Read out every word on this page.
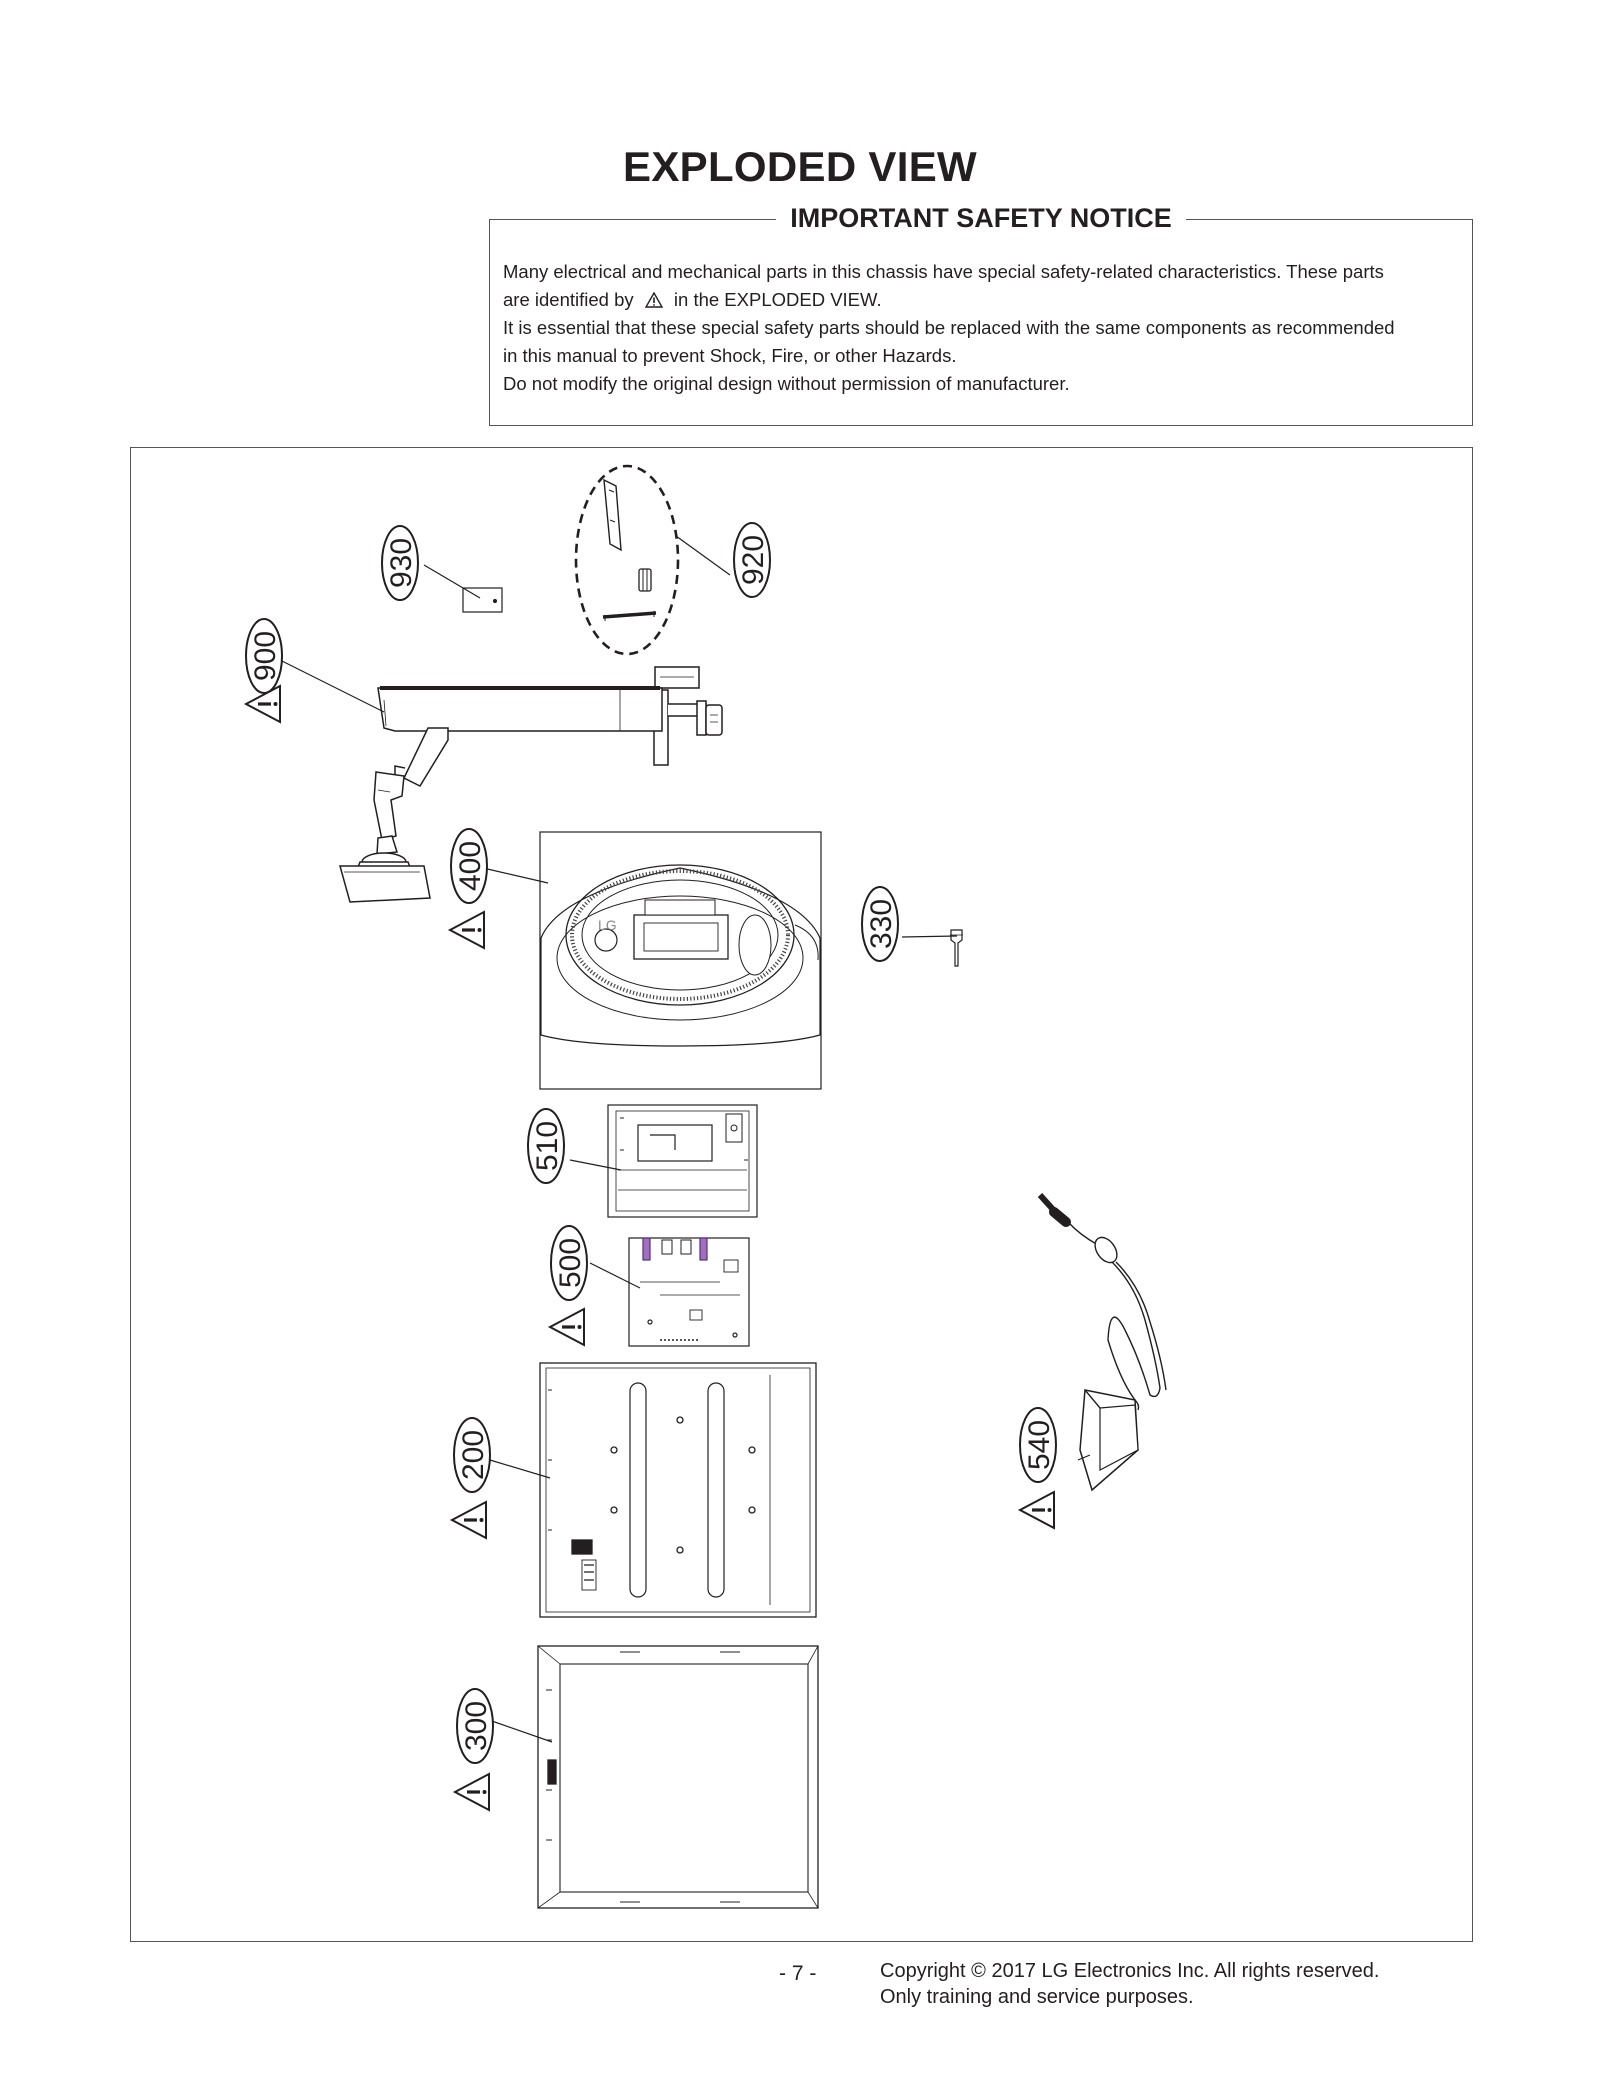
EXPLODED VIEW
IMPORTANT SAFETY NOTICE

Many electrical and mechanical parts in this chassis have special safety-related characteristics. These parts

are identified by in the EXPLODED VIEW.

It is essential that these special safety parts should be replaced with the same components as recommended

in this manual to prevent Shock, Fire, or other Hazards.

Do not modify the original design without permission of manufacturer.

LG
930	920
900
400
330
510
500
200
300
540
- 7 -	Copyright © 2017 LG Electronics Inc. All rights reserved.
Only training and service purposes.
